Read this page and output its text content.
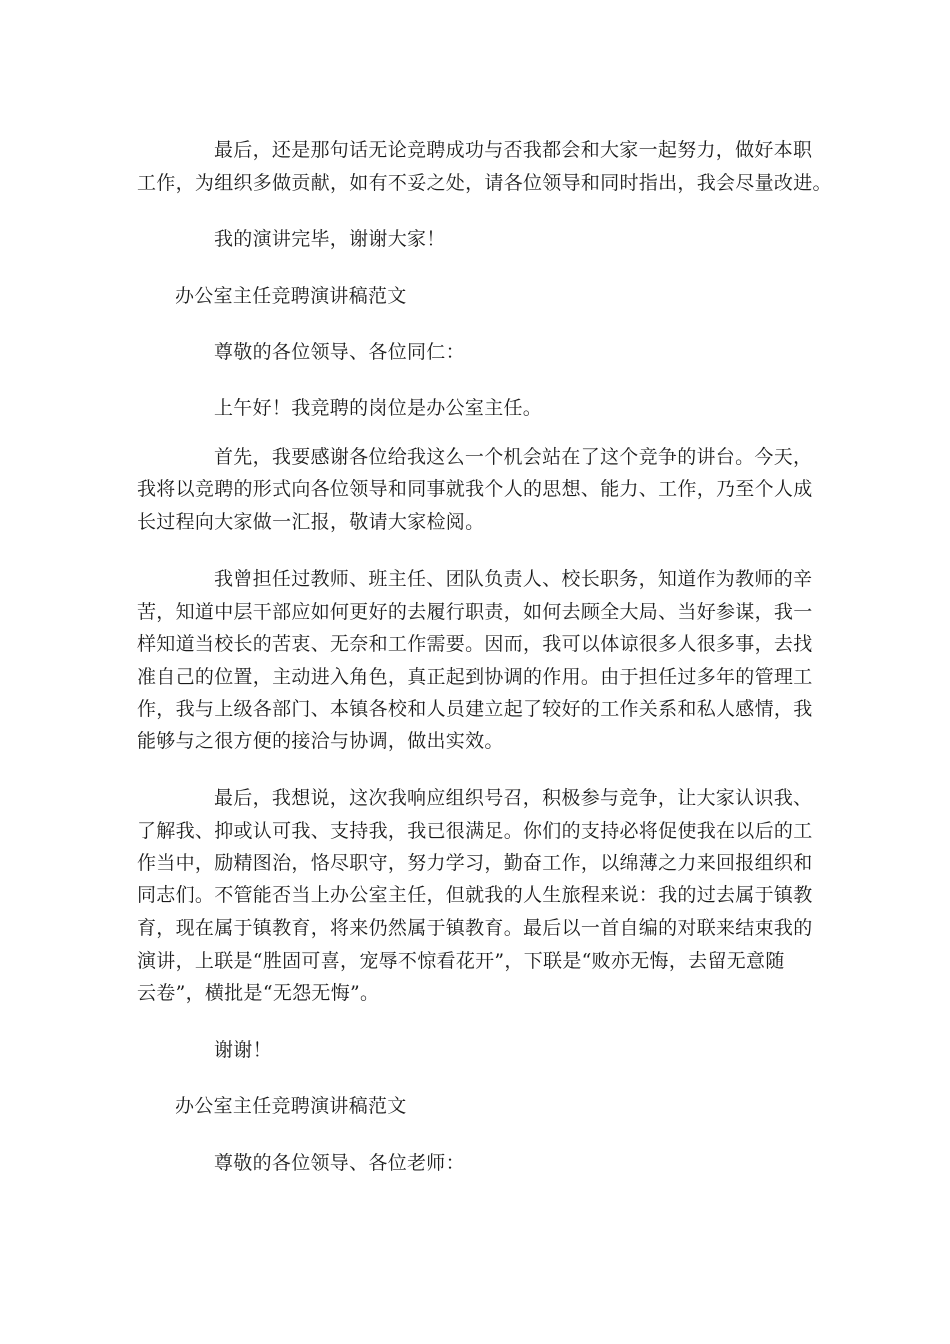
最后，还是那句话无论竞聘成功与否我都会和大家一起努力，做好本职
工作，为组织多做贡献，如有不妥之处，请各位领导和同时指出，我会尽量改进。
我的演讲完毕，谢谢大家！
办公室主任竞聘演讲稿范文
尊敬的各位领导、各位同仁：
上午好！我竞聘的岗位是办公室主任。
首先，我要感谢各位给我这么一个机会站在了这个竞争的讲台。今天，
我将以竞聘的形式向各位领导和同事就我个人的思想、能力、工作，乃至个人成
长过程向大家做一汇报，敬请大家检阅。
我曾担任过教师、班主任、团队负责人、校长职务，知道作为教师的辛
苦，知道中层干部应如何更好的去履行职责，如何去顾全大局、当好参谋，我一
样知道当校长的苦衷、无奈和工作需要。因而，我可以体谅很多人很多事，去找
准自己的位置，主动进入角色，真正起到协调的作用。由于担任过多年的管理工
作，我与上级各部门、本镇各校和人员建立起了较好的工作关系和私人感情，我
能够与之很方便的接洽与协调，做出实效。
最后，我想说，这次我响应组织号召，积极参与竞争，让大家认识我、
了解我、抑或认可我、支持我，我已很满足。你们的支持必将促使我在以后的工
作当中，励精图治，恪尽职守，努力学习，勤奋工作，以绵薄之力来回报组织和
同志们。不管能否当上办公室主任，但就我的人生旅程来说：我的过去属于镇教
育，现在属于镇教育，将来仍然属于镇教育。最后以一首自编的对联来结束我的
演讲，上联是“胜固可喜，宠辱不惊看花开”，下联是“败亦无悔，去留无意随
云卷”，横批是“无怨无悔”。
谢谢！
办公室主任竞聘演讲稿范文
尊敬的各位领导、各位老师：
